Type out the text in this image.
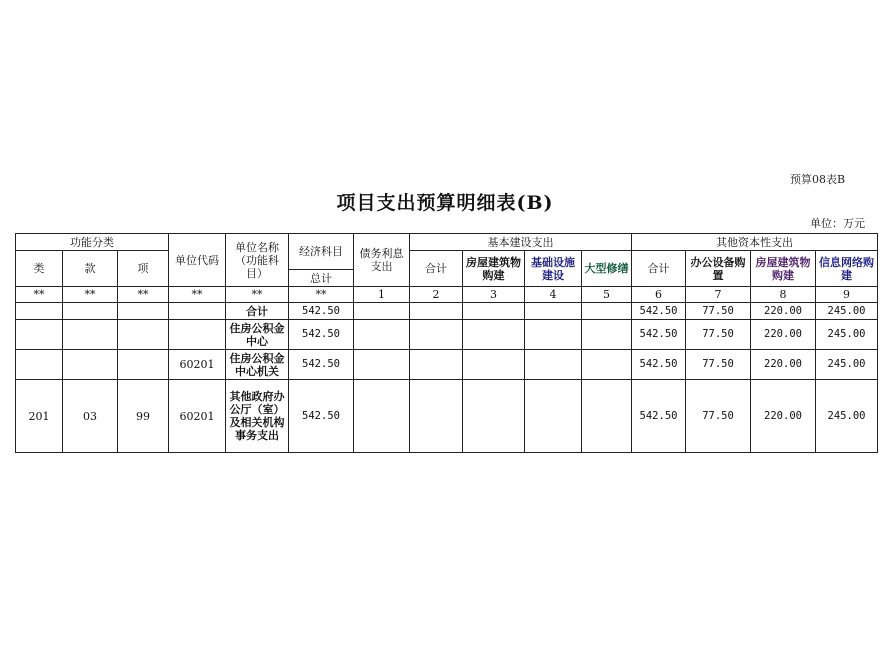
预算08表B
项目支出预算明细表(B)
单位：万元
功能分类			单位代码	单位名称（功能科目）	经济科目	债务利息支出	基本建设支出				其他资本性支出			
类	款	项					合计	房屋建筑物购建	基础设施建设	大型修缮	合计	办公设备购置	房屋建筑物购建	信息网络购建
					总计									
**	**	**	**	**	**	1	2	3	4	5	6	7	8	9
				合计	542.50						542.50	77.50	220.00	245.00
				住房公积金中心	542.50						542.50	77.50	220.00	245.00
			60201	住房公积金中心机关	542.50						542.50	77.50	220.00	245.00
201	03	99	60201	其他政府办公厅（室）及相关机构事务支出	542.50						542.50	77.50	220.00	245.00
